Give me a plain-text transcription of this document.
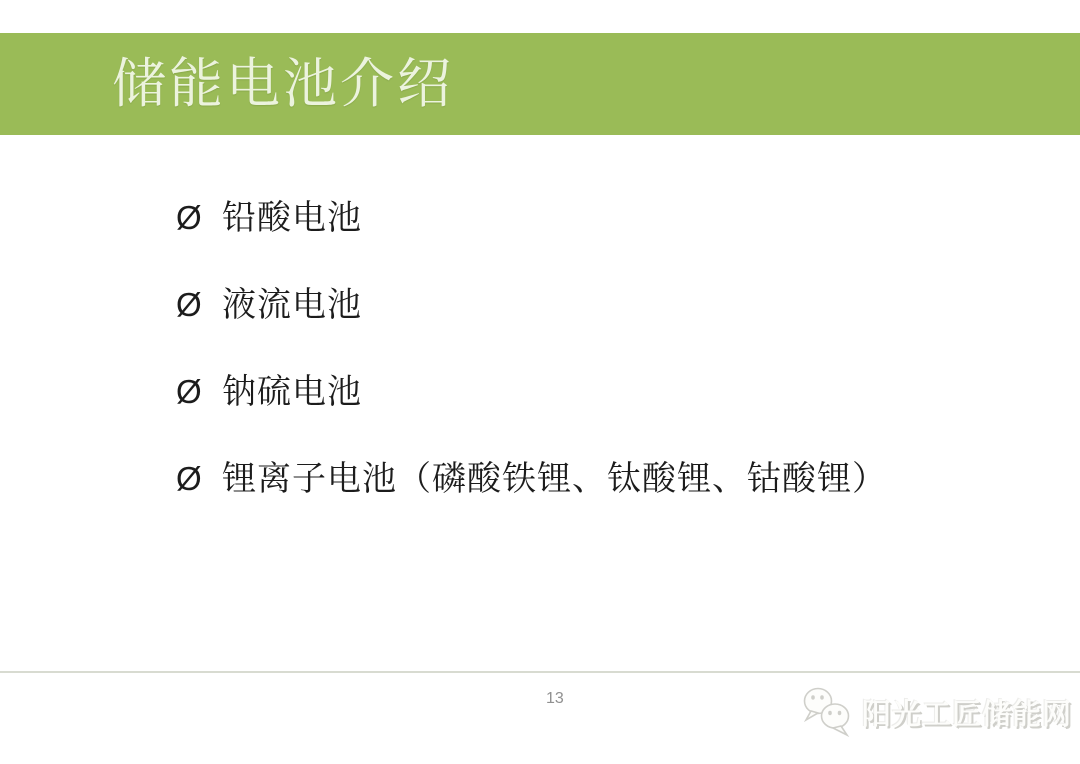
储能电池介绍
Ø 铅酸电池
Ø 液流电池
Ø 钠硫电池
Ø 锂离子电池（磷酸铁锂、钛酸锂、钴酸锂）
13	阳光工匠储能网
